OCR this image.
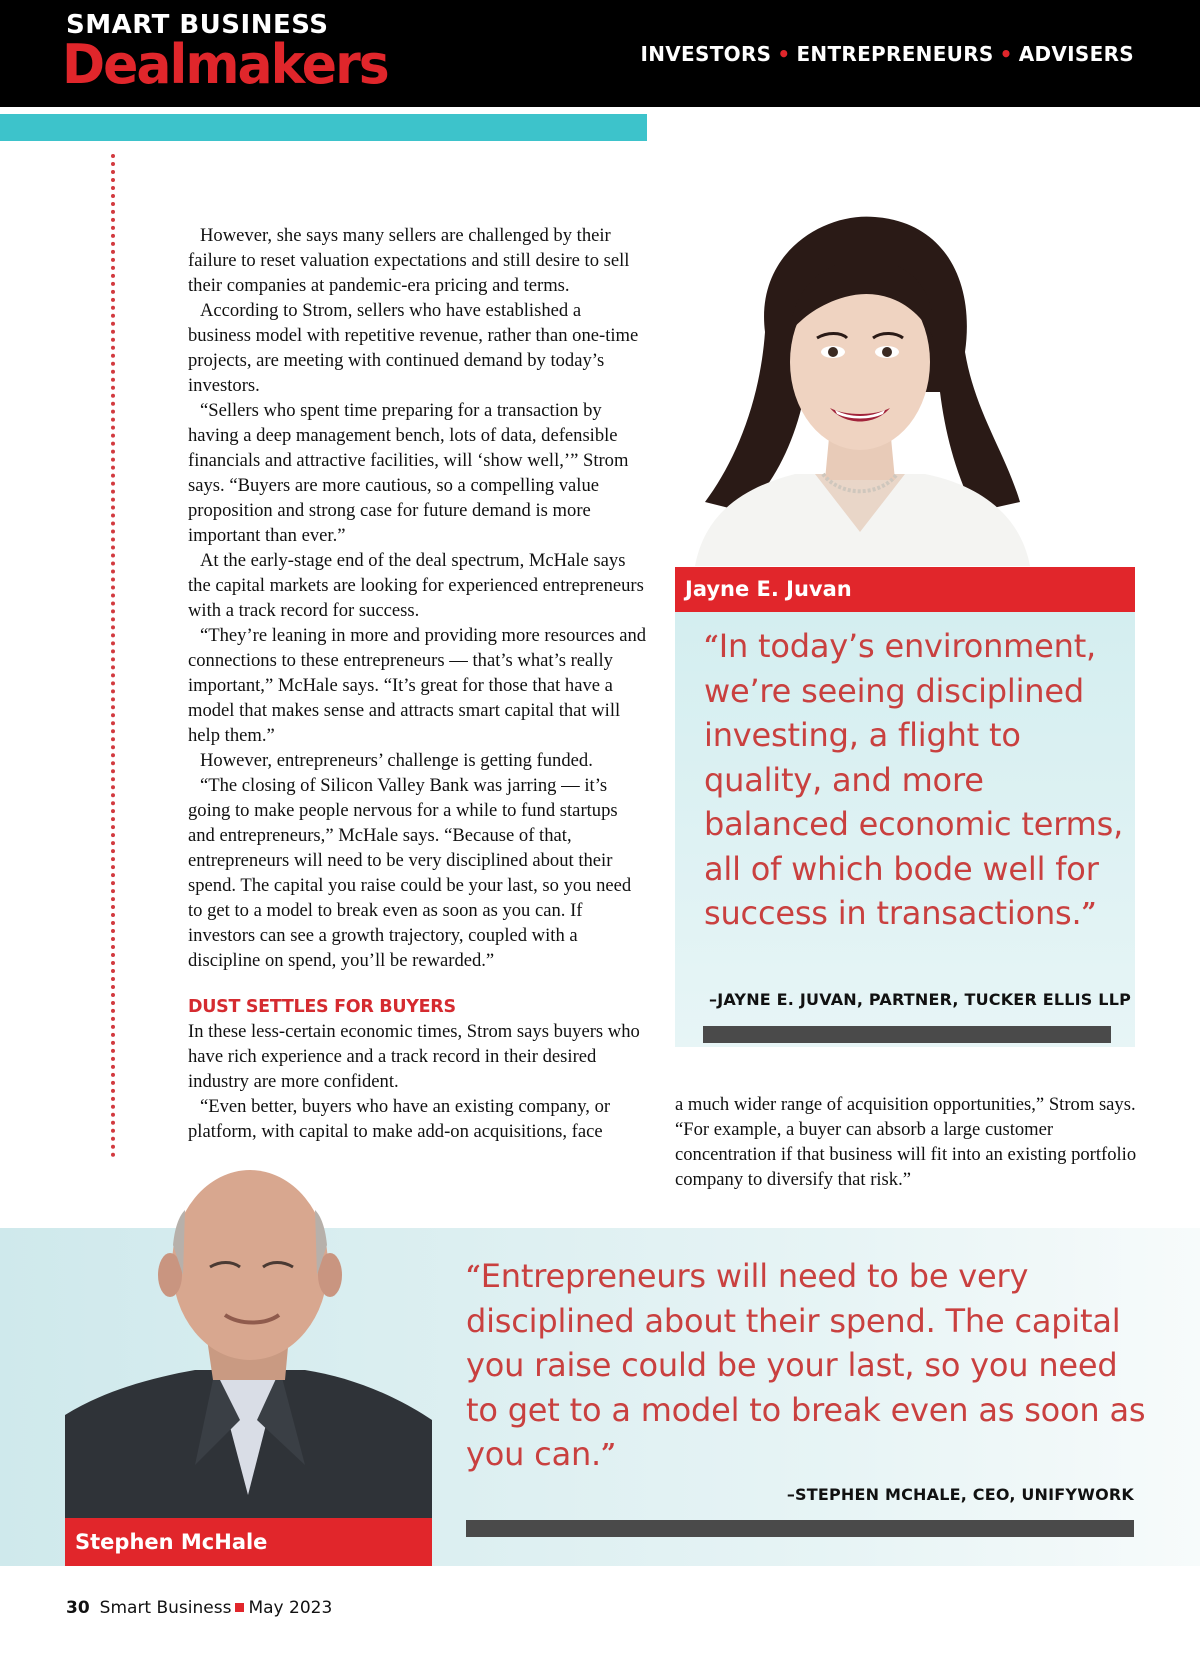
SMART BUSINESS
Dealmakers	INVESTORS • ENTREPRENEURS • ADVISERS

However, she says many sellers are challenged by their failure to reset valuation expectations and still desire to sell their companies at pandemic-era pricing and terms.

According to Strom, sellers who have established a business model with repetitive revenue, rather than one-time projects, are meeting with continued demand by today’s investors.

“Sellers who spent time preparing for a transaction by having a deep management bench, lots of data, defensible financials and attractive facilities, will ‘show well,’” Strom says. “Buyers are more cautious, so a compelling value proposition and strong case for future demand is more important than ever.”

At the early-stage end of the deal spectrum, McHale says the capital markets are looking for experienced entrepreneurs with a track record for success.

“They’re leaning in more and providing more resources and connections to these entrepreneurs — that’s what’s really important,” McHale says. “It’s great for those that have a model that makes sense and attracts smart capital that will help them.”

However, entrepreneurs’ challenge is getting funded.

“The closing of Silicon Valley Bank was jarring — it’s going to make people nervous for a while to fund startups and entrepreneurs,” McHale says. “Because of that, entrepreneurs will need to be very disciplined about their spend. The capital you raise could be your last, so you need to get to a model to break even as soon as you can. If investors can see a growth trajectory, coupled with a discipline on spend, you’ll be rewarded.”

DUST SETTLES FOR BUYERS

In these less-certain economic times, Strom says buyers who have rich experience and a track record in their desired industry are more confident.

“Even better, buyers who have an existing company, or platform, with capital to make add-on acquisitions, face

Jayne E. Juvan
“In today’s environment, we’re seeing disciplined investing, a flight to quality, and more balanced economic terms, all of which bode well for success in transactions.”
–JAYNE E. JUVAN, PARTNER, TUCKER ELLIS LLP

a much wider range of acquisition opportunities,” Strom says. “For example, a buyer can absorb a large customer concentration if that business will fit into an existing portfolio company to diversify that risk.”

Stephen McHale
“Entrepreneurs will need to be very disciplined about their spend. The capital you raise could be your last, so you need to get to a model to break even as soon as you can.”
–STEPHEN MCHALE, CEO, UNIFYWORK
30 Smart Business May 2023
